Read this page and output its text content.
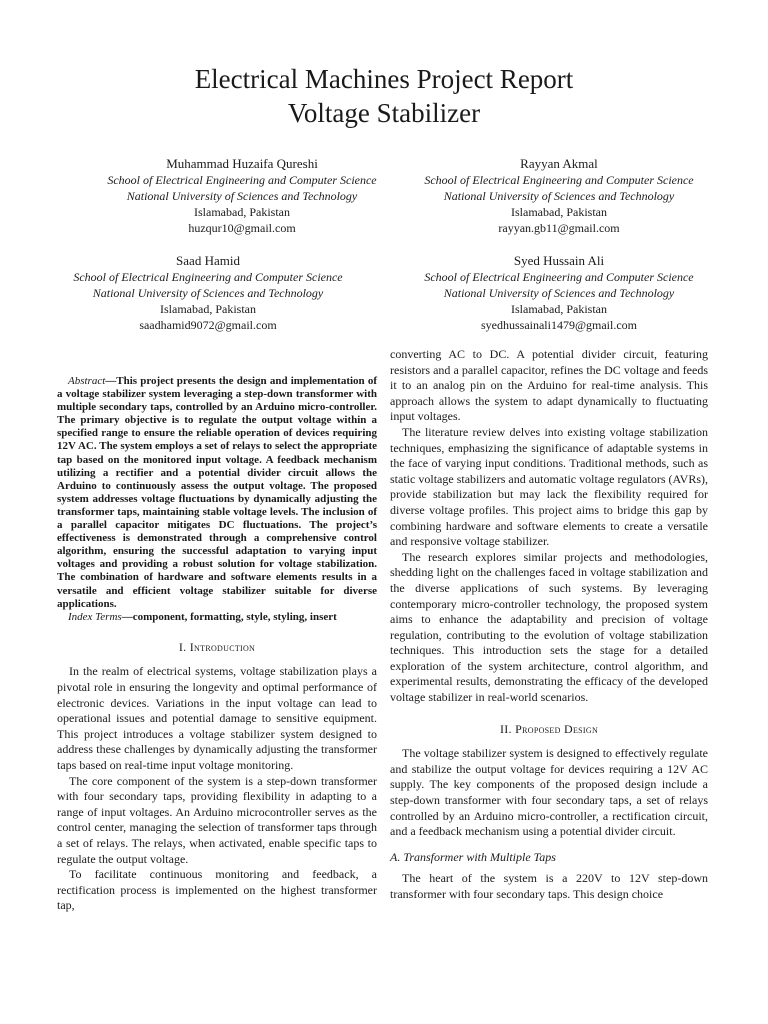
Electrical Machines Project Report
Voltage Stabilizer
Muhammad Huzaifa Qureshi
School of Electrical Engineering and Computer Science
National University of Sciences and Technology
Islamabad, Pakistan
huzqur10@gmail.com
Rayyan Akmal
School of Electrical Engineering and Computer Science
National University of Sciences and Technology
Islamabad, Pakistan
rayyan.gb11@gmail.com
Saad Hamid
School of Electrical Engineering and Computer Science
National University of Sciences and Technology
Islamabad, Pakistan
saadhamid9072@gmail.com
Syed Hussain Ali
School of Electrical Engineering and Computer Science
National University of Sciences and Technology
Islamabad, Pakistan
syedhussainali1479@gmail.com

Abstract—This project presents the design and implementation of a voltage stabilizer system leveraging a step-down transformer with multiple secondary taps, controlled by an Arduino micro-controller. The primary objective is to regulate the output voltage within a specified range to ensure the reliable operation of devices requiring 12V AC. The system employs a set of relays to select the appropriate tap based on the monitored input voltage. A feedback mechanism utilizing a rectifier and a potential divider circuit allows the Arduino to continuously assess the output voltage. The proposed system addresses voltage fluctuations by dynamically adjusting the transformer taps, maintaining stable voltage levels. The inclusion of a parallel capacitor mitigates DC fluctuations. The project’s effectiveness is demonstrated through a comprehensive control algorithm, ensuring the successful adaptation to varying input voltages and providing a robust solution for voltage stabilization. The combination of hardware and software elements results in a versatile and efficient voltage stabilizer suitable for diverse applications.

Index Terms—component, formatting, style, styling, insert

I. Introduction

In the realm of electrical systems, voltage stabilization plays a pivotal role in ensuring the longevity and optimal performance of electronic devices. Variations in the input voltage can lead to operational issues and potential damage to sensitive equipment. This project introduces a voltage stabilizer system designed to address these challenges by dynamically adjusting the transformer taps based on real-time input voltage monitoring.

The core component of the system is a step-down transformer with four secondary taps, providing flexibility in adapting to a range of input voltages. An Arduino microcontroller serves as the control center, managing the selection of transformer taps through a set of relays. The relays, when activated, enable specific taps to regulate the output voltage.

To facilitate continuous monitoring and feedback, a rectification process is implemented on the highest transformer tap,

converting AC to DC. A potential divider circuit, featuring resistors and a parallel capacitor, refines the DC voltage and feeds it to an analog pin on the Arduino for real-time analysis. This approach allows the system to adapt dynamically to fluctuating input voltages.

The literature review delves into existing voltage stabilization techniques, emphasizing the significance of adaptable systems in the face of varying input conditions. Traditional methods, such as static voltage stabilizers and automatic voltage regulators (AVRs), provide stabilization but may lack the flexibility required for diverse voltage profiles. This project aims to bridge this gap by combining hardware and software elements to create a versatile and responsive voltage stabilizer.

The research explores similar projects and methodologies, shedding light on the challenges faced in voltage stabilization and the diverse applications of such systems. By leveraging contemporary micro-controller technology, the proposed system aims to enhance the adaptability and precision of voltage regulation, contributing to the evolution of voltage stabilization techniques. This introduction sets the stage for a detailed exploration of the system architecture, control algorithm, and experimental results, demonstrating the efficacy of the developed voltage stabilizer in real-world scenarios.

II. Proposed Design

The voltage stabilizer system is designed to effectively regulate and stabilize the output voltage for devices requiring a 12V AC supply. The key components of the proposed design include a step-down transformer with four secondary taps, a set of relays controlled by an Arduino micro-controller, a rectification circuit, and a feedback mechanism using a potential divider circuit.

A. Transformer with Multiple Taps

The heart of the system is a 220V to 12V step-down transformer with four secondary taps. This design choice
